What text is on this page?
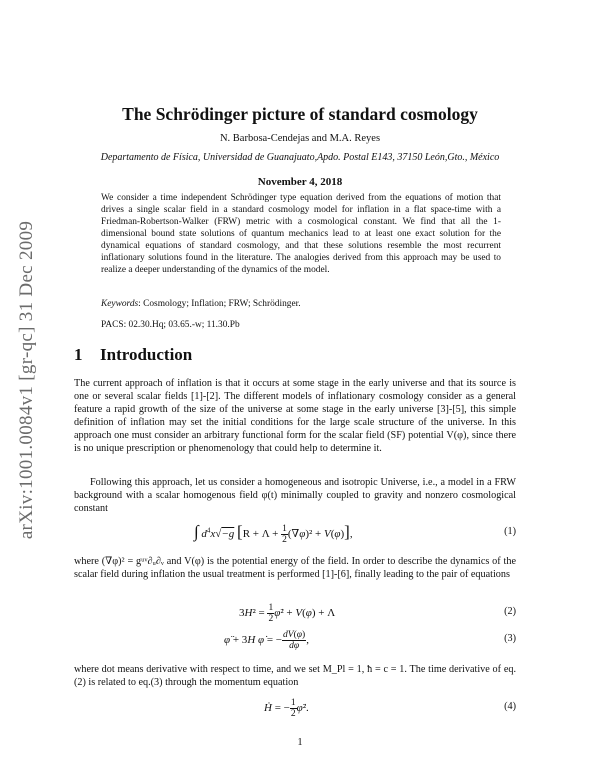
arXiv:1001.0084v1 [gr-qc] 31 Dec 2009
The Schrödinger picture of standard cosmology
N. Barbosa-Cendejas and M.A. Reyes
Departamento de Física, Universidad de Guanajuato,Apdo. Postal E143, 37150 León,Gto., México
November 4, 2018
We consider a time independent Schrödinger type equation derived from the equations of motion that drives a single scalar field in a standard cosmology model for inflation in a flat space-time with a Friedman-Robertson-Walker (FRW) metric with a cosmological constant. We find that all the 1-dimensional bound state solutions of quantum mechanics lead to at least one exact solution for the dynamical equations of standard cosmology, and that these solutions resemble the most recurrent inflationary solutions found in the literature. The analogies derived from this approach may be used to realize a deeper understanding of the dynamics of the model.
Keywords: Cosmology; Inflation; FRW; Schrödinger.
PACS: 02.30.Hq; 03.65.-w; 11.30.Pb
1 Introduction
The current approach of inflation is that it occurs at some stage in the early universe and that its source is one or several scalar fields [1]-[2]. The different models of inflationary cosmology consider as a general feature a rapid growth of the size of the universe at some stage in the early universe [3]-[5], this simple definition of inflation may set the initial conditions for the large scale structure of the universe. In this approach one must consider an arbitrary functional form for the scalar field (SF) potential V(φ), since there is no unique prescription or phenomenology that could help to determine it.
Following this approach, let us consider a homogeneous and isotropic Universe, i.e., a model in a FRW background with a scalar homogenous field φ(t) minimally coupled to gravity and nonzero cosmological constant
∫ $d^4x√-g$ $[R + \Lambda + \frac{1}{2} (\nabla\varphi)^2 + V(\varphi)]$,	(1)
where (∇φ)² = gᵘᵛ∂ᵤ∂ᵥ and V(φ) is the potential energy of the field. In order to describe the dynamics of the scalar field during inflation the usual treatment is performed [1]-[6], finally leading to the pair of equations
$3H^2 = \frac{1}{2}$ φ̇² + V(φ) + Λ	(2)
φ̈ + 3H φ̇ = − $\frac{dV(\varphi)}{d\varphi}$ ,	(3)
where dot means derivative with respect to time, and we set M_Pl = 1, ħ = c = 1. The time derivative of eq.(2) is related to eq.(3) through the momentum equation
Ḣ = − $\frac{1}{2}$ φ̇².	(4)
1
